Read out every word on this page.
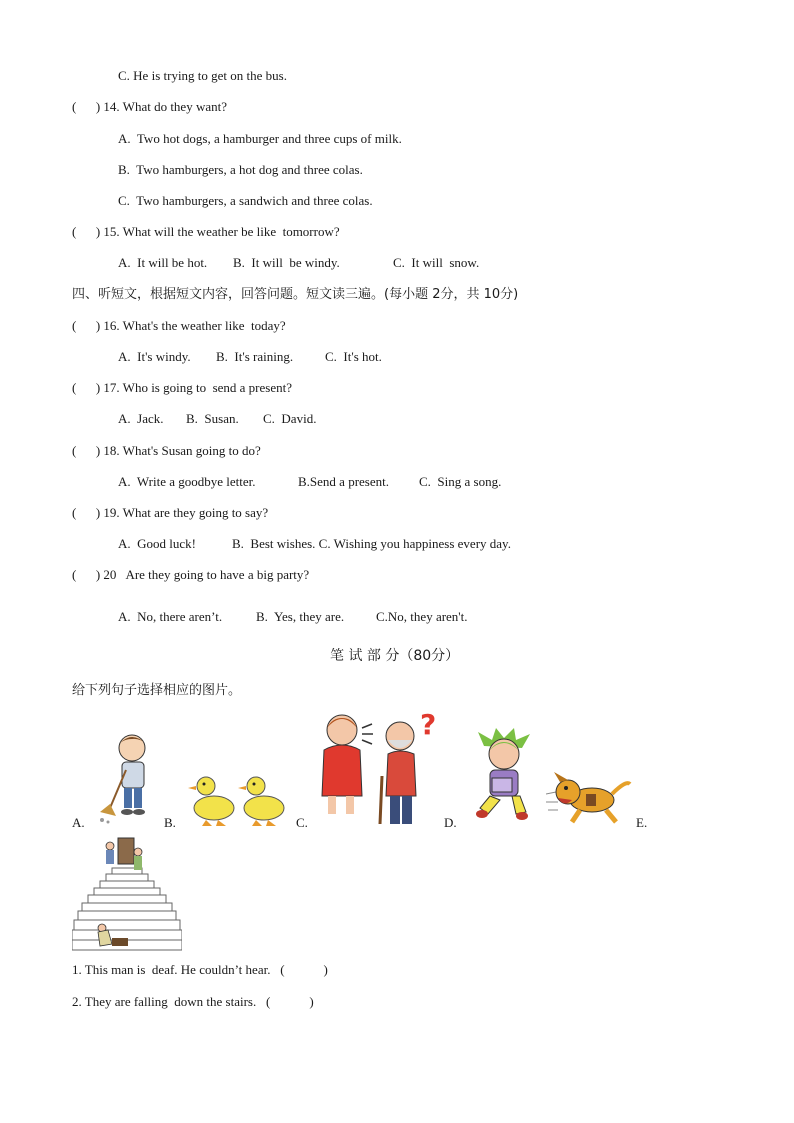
C. He is trying to get on the bus.
(      ) 14. What do they want?
A.  Two hot dogs, a hamburger and three cups of milk.
B.  Two hamburgers, a hot dog and three colas.
C.  Two hamburgers, a sandwich and three colas.
(      ) 15. What will the weather be like  tomorrow?
A.  It will be hot. B.  It will  be windy.	C.  It will  snow.
四、听短文，根据短文内容，回答问题。短文读三遍。(每小题 2分，共 10分)
(      ) 16. What's the weather like  today?
A.  It's windy. B.  It's raining. C.  It's hot.
(      ) 17. Who is going to  send a present?
A.  Jack. B.  Susan. C.  David.
(      ) 18. What's Susan going to do?
A.  Write a goodbye letter.	B.Send a present. C.  Sing a song.
(      ) 19. What are they going to say?
A.  Good luck!	B.  Best wishes. C. Wishing you happiness every day.
(      ) 20   Are they going to have a big party?
A.  No, there aren’t.	B.  Yes, they are. C.No, they aren't.
笔 试 部 分（80分）
给下列句子选择相应的图片。
A.	B.
?
C.	D.	E.
1. This man is  deaf. He couldn’t hear.   (            )
2. They are falling  down the stairs.   (            )
